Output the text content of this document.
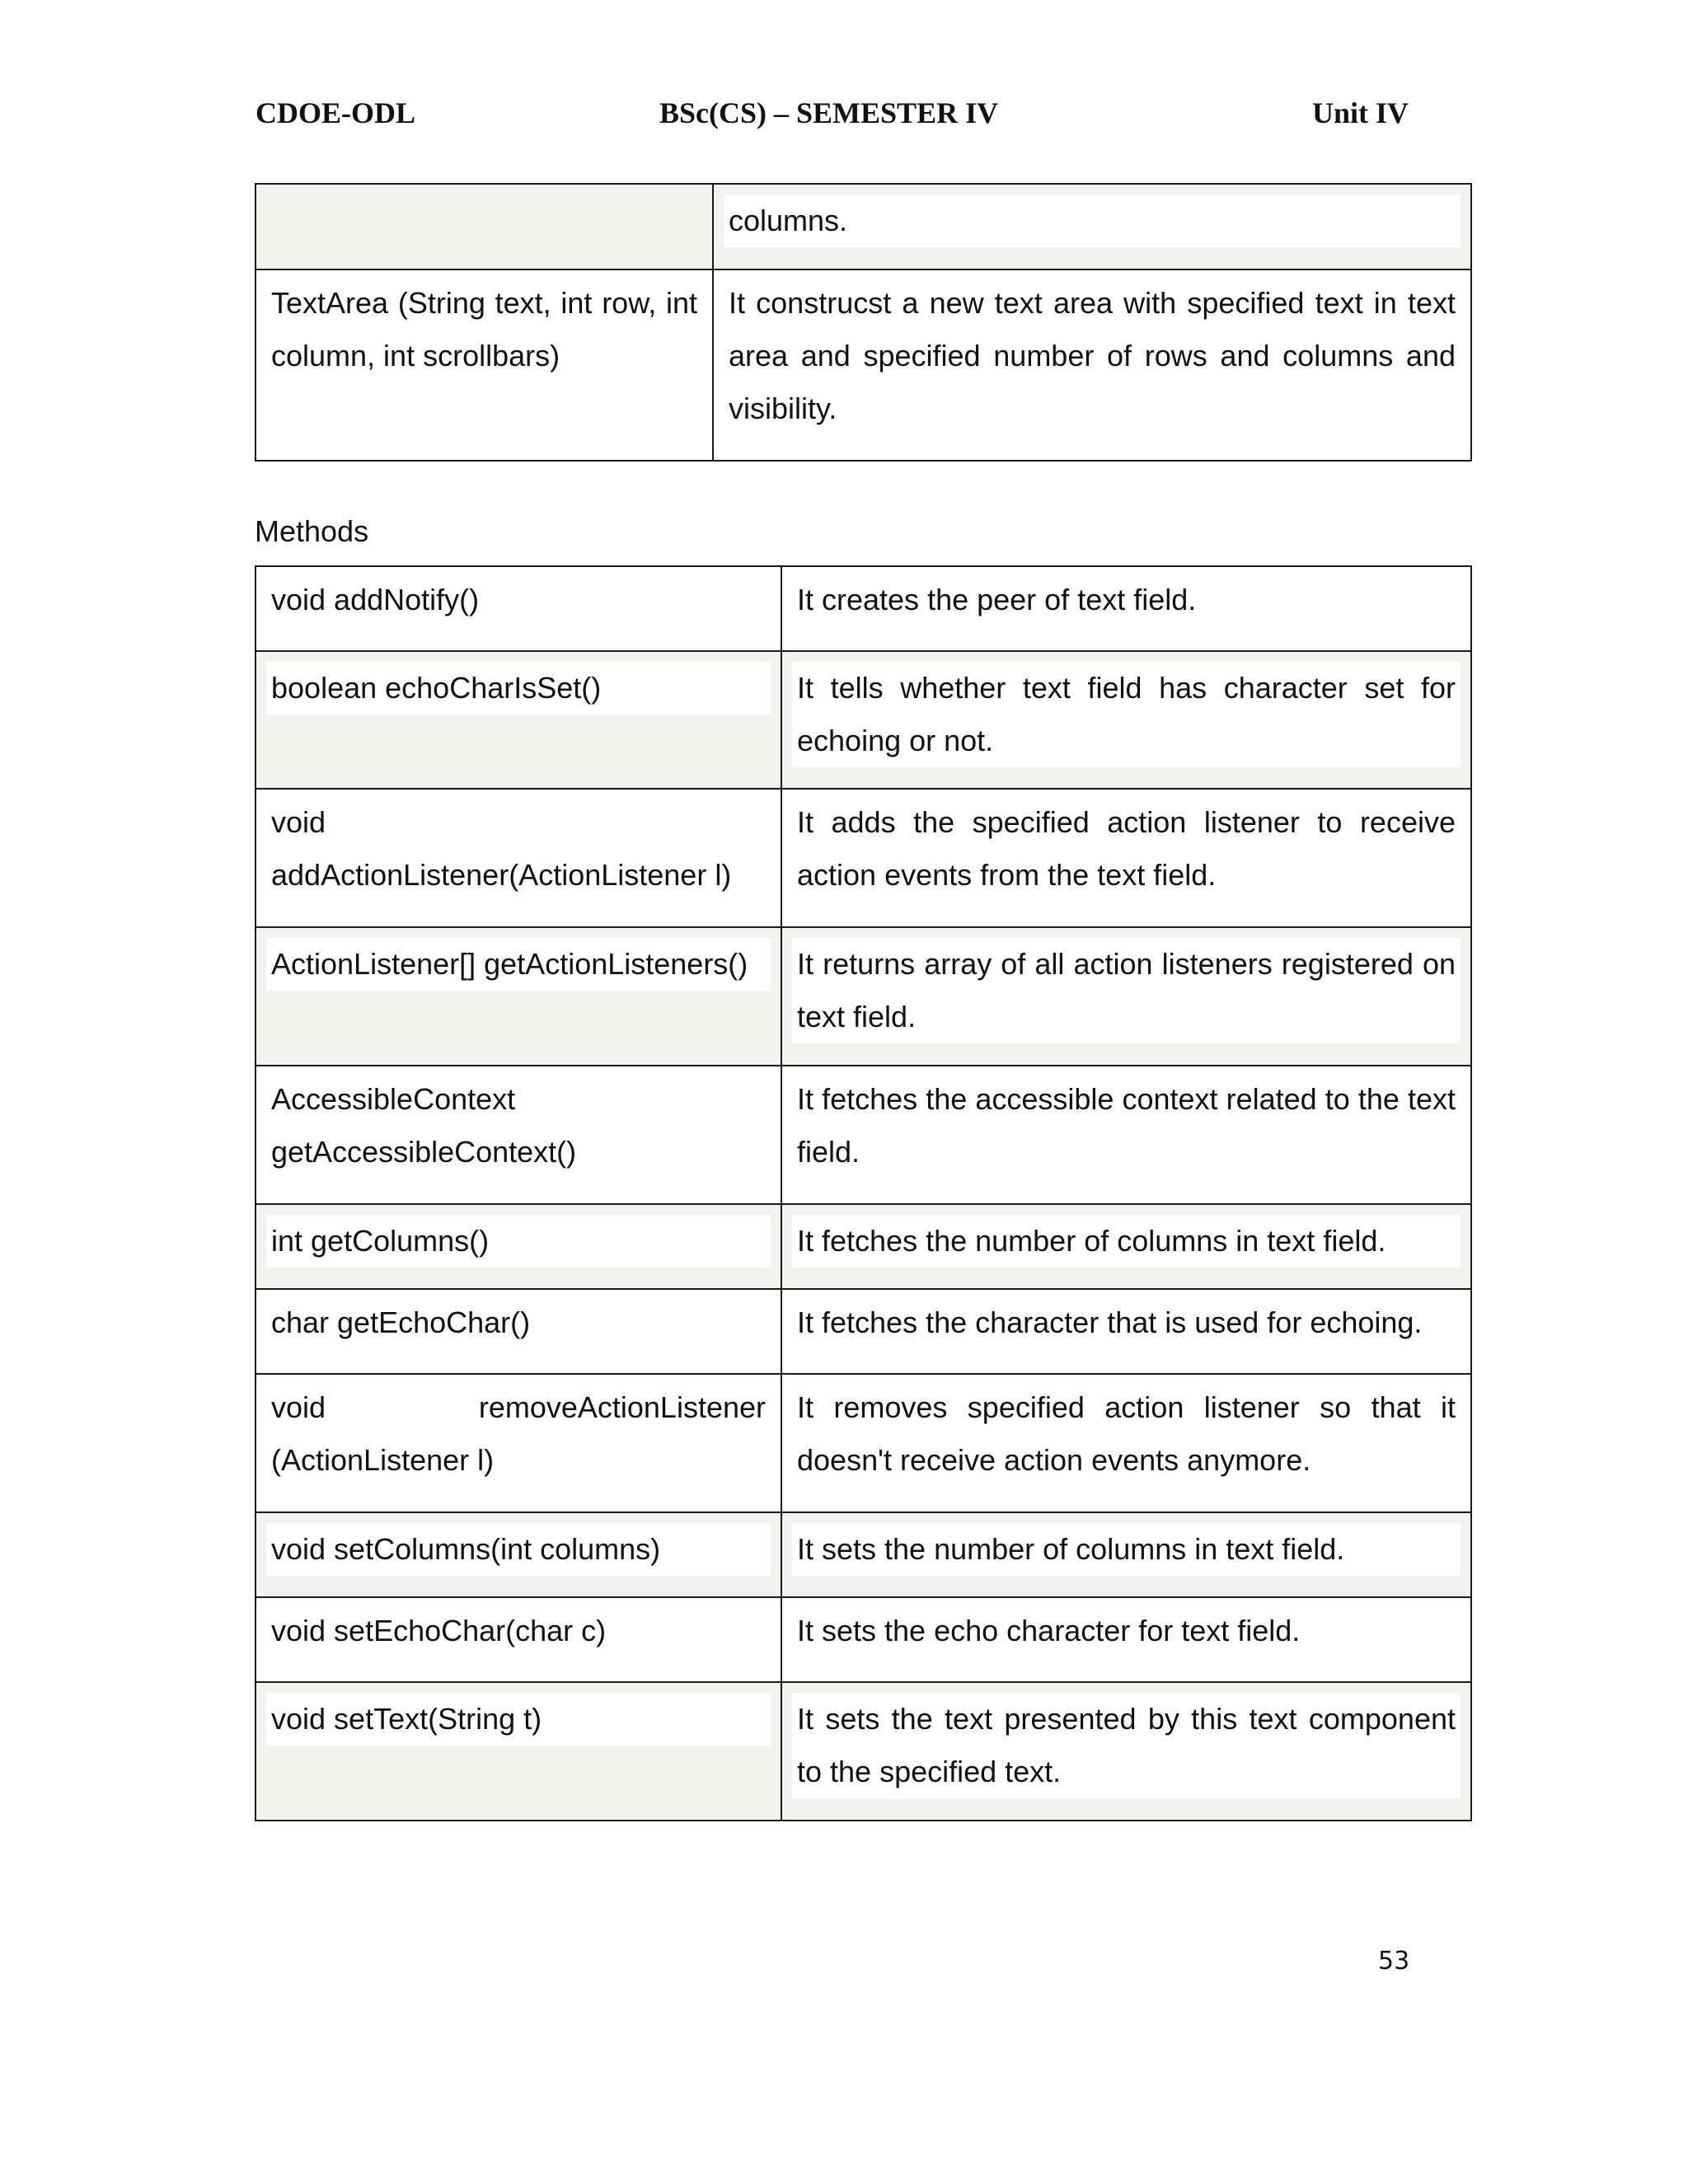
CDOE-ODL	BSc(CS) – SEMESTER IV	Unit IV

	columns.

TextArea (String text, int row, int column, int scrollbars)	It construcst a new text area with specified text in text area and specified number of rows and columns and visibility.
Methods
void addNotify()	It creates the peer of text field.

boolean echoCharIsSet()	It tells whether text field has character set for echoing or not.

void addActionListener(ActionListener l)	It adds the specified action listener to receive action events from the text field.

ActionListener[] getActionListeners()	It returns array of all action listeners registered on text field.

AccessibleContext getAccessibleContext()	It fetches the accessible context related to the text field.

int getColumns()	It fetches the number of columns in text field.

char getEchoChar()	It fetches the character that is used for echoing.
void removeActionListener (ActionListener l)	It removes specified action listener so that it doesn't receive action events anymore.

void setColumns(int columns)	It sets the number of columns in text field.

void setEchoChar(char c)	It sets the echo character for text field.

void setText(String t)	It sets the text presented by this text component to the specified text.
53
